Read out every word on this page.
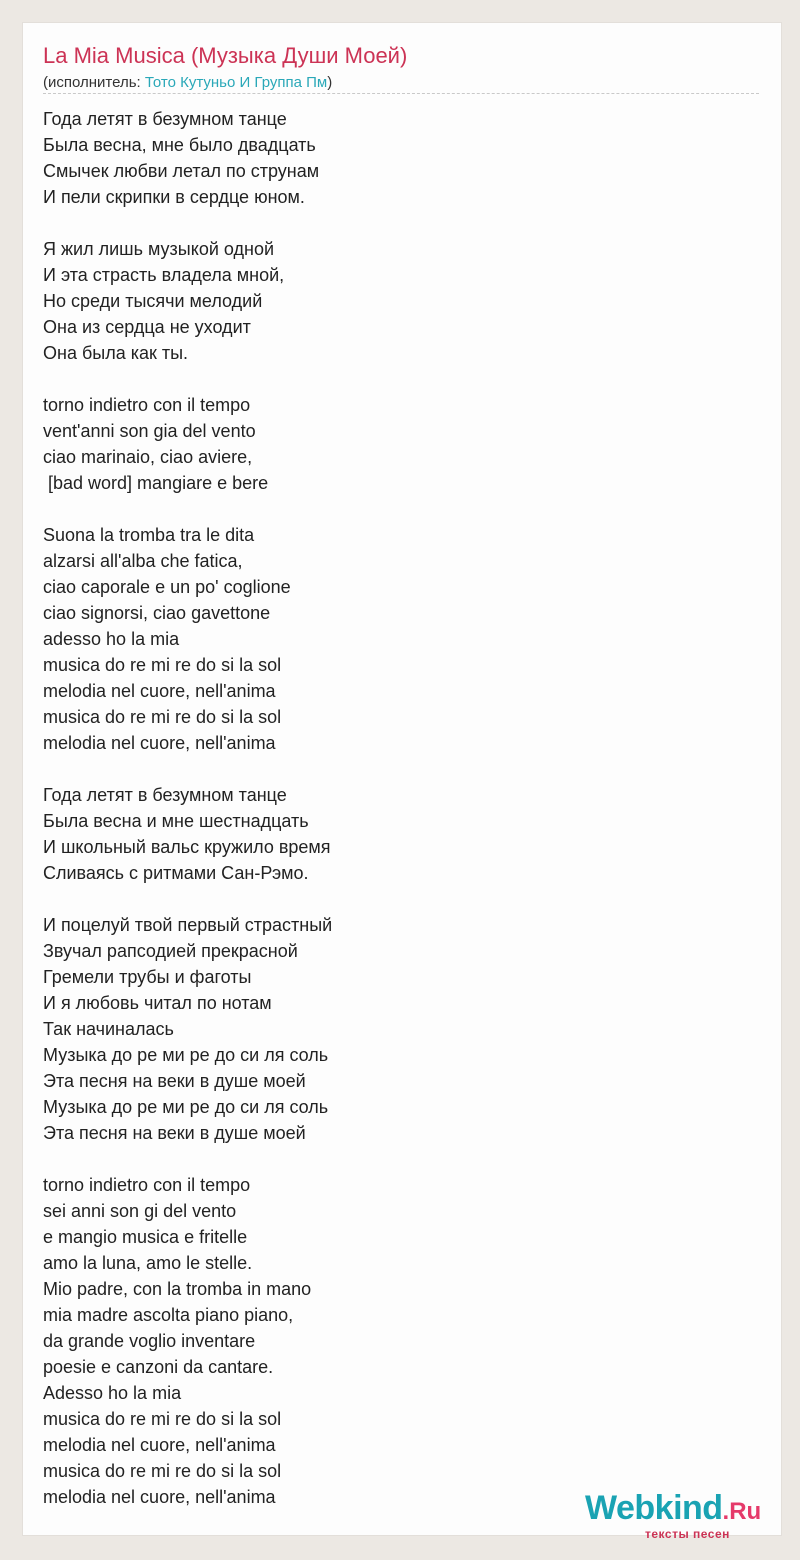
La Mia Musica (Музыка Души Моей)
(исполнитель: Тото Кутуньо И Группа Пм)
Года летят в безумном танце
Была весна, мне было двадцать
Смычек любви летал по струнам
И пели скрипки в сердце юном.
Я жил лишь музыкой одной
И эта страсть владела мной,
Но среди тысячи мелодий
Она из сердца не уходит
Она была как ты.
torno indietro con il tempo
vent'anni son gia del vento
ciao marinaio, ciao aviere,
[bad word] mangiare e bere
Suona la tromba tra le dita
alzarsi all'alba che fatica,
ciao caporale e un po' coglione
ciao signorsi, ciao gavettone
adesso ho la mia
musica do re mi re do si la sol
melodia nel cuore, nell'anima
musica do re mi re do si la sol
melodia nel cuore, nell'anima
Года летят в безумном танце
Была весна и мне шестнадцать
И школьный вальс кружило время
Сливаясь с ритмами Сан-Рэмо.
И поцелуй твой первый страстный
Звучал рапсодией прекрасной
Гремели трубы и фаготы
И я любовь читал по нотам
Так начиналась
Музыка до ре ми ре до си ля соль
Эта песня на веки в душе моей
Музыка до ре ми ре до си ля соль
Эта песня на веки в душе моей
torno indietro con il tempo
sei anni son gi del vento
e mangio musica e fritelle
amo la luna, amo le stelle.
Mio padre, con la tromba in mano
mia madre ascolta piano piano,
da grande voglio inventare
poesie e canzoni da cantare.
Adesso ho la mia
musica do re mi re do si la sol
melodia nel cuore, nell'anima
musica do re mi re do si la sol
melodia nel cuore, nell'anima	Webkind.Ru
тексты песен
